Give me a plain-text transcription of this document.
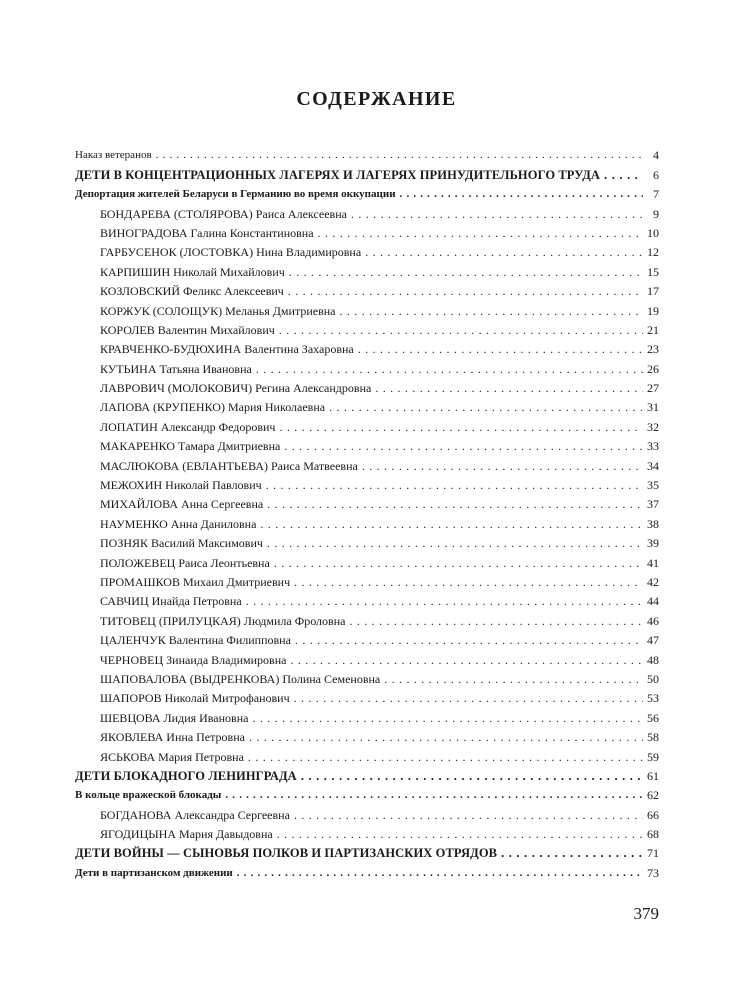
СОДЕРЖАНИЕ
Наказ ветеранов . . .	4
ДЕТИ В КОНЦЕНТРАЦИОННЫХ ЛАГЕРЯХ И ЛАГЕРЯХ ПРИНУДИТЕЛЬНОГО ТРУДА . . .	6
Депортация жителей Беларуси в Германию во время оккупации . . .	7
БОНДАРЕВА (СТОЛЯРОВА) Раиса Алексеевна . . .	9
ВИНОГРАДОВА Галина Константиновна . . .	10
ГАРБУСЕНОК (ЛОСТОВКА) Нина Владимировна . . .	12
КАРПИШИН Николай Михайлович . . .	15
КОЗЛОВСКИЙ Феликс Алексеевич . . .	17
КОРЖУК (СОЛОЩУК) Меланья Дмитриевна . . .	19
КОРОЛЕВ Валентин Михайлович . . .	21
КРАВЧЕНКО-БУДЮХИНА Валентина Захаровна . . .	23
КУТЬИНА Татьяна Ивановна . . .	26
ЛАВРОВИЧ (МОЛОКОВИЧ) Регина Александровна . . .	27
ЛАПОВА (КРУПЕНКО) Мария Николаевна . . .	31
ЛОПАТИН Александр Федорович . . .	32
МАКАРЕНКО Тамара Дмитриевна . . .	33
МАСЛЮКОВА (ЕВЛАНТЬЕВА) Раиса Матвеевна . . .	34
МЕЖОХИН Николай Павлович . . .	35
МИХАЙЛОВА Анна Сергеевна . . .	37
НАУМЕНКО Анна Даниловна . . .	38
ПОЗНЯК Василий Максимович . . .	39
ПОЛОЖЕВЕЦ Раиса Леонтьевна . . .	41
ПРОМАШКОВ Михаил Дмитриевич . . .	42
САВЧИЦ Инайда Петровна . . .	44
ТИТОВЕЦ (ПРИЛУЦКАЯ) Людмила Фроловна . . .	46
ЦАЛЕНЧУК Валентина Филипповна . . .	47
ЧЕРНОВЕЦ Зинаида Владимировна . . .	48
ШАПОВАЛОВА (ВЫДРЕНКОВА) Полина Семеновна . . .	50
ШАПОРОВ Николай Митрофанович . . .	53
ШЕВЦОВА Лидия Ивановна . . .	56
ЯКОВЛЕВА Инна Петровна . . .	58
ЯСЬКОВА Мария Петровна . . .	59
ДЕТИ БЛОКАДНОГО ЛЕНИНГРАДА . . .	61
В кольце вражеской блокады . . .	62
БОГДАНОВА Александра Сергеевна . . .	66
ЯГОДИЦЫНА Мария Давыдовна . . .	68
ДЕТИ ВОЙНЫ — СЫНОВЬЯ ПОЛКОВ И ПАРТИЗАНСКИХ ОТРЯДОВ . . .	71
Дети в партизанском движении . . .	73
379
